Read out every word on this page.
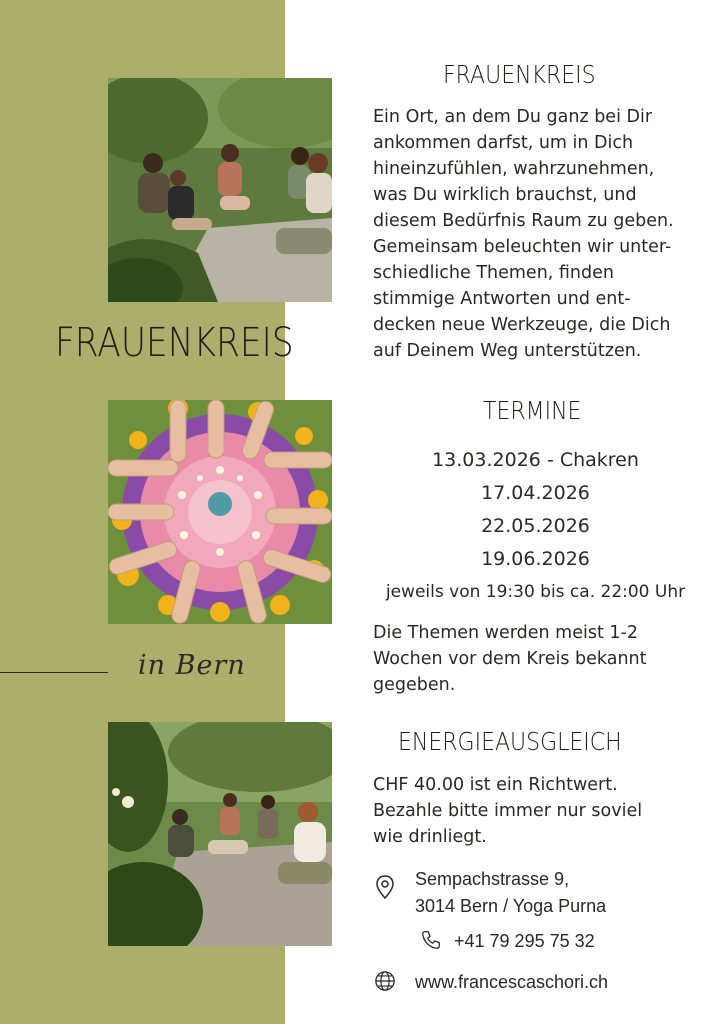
FRAUENKREIS
in Bern
FRAUENKREIS
Ein Ort, an dem Du ganz bei Dir
ankommen darfst, um in Dich
hineinzufühlen, wahrzunehmen,
was Du wirklich brauchst, und
diesem Bedürfnis Raum zu geben.
Gemeinsam beleuchten wir unter-
schiedliche Themen, finden
stimmige Antworten und ent-
decken neue Werkzeuge, die Dich
auf Deinem Weg unterstützen.
TERMINE
13.03.2026 - Chakren
17.04.2026
22.05.2026
19.06.2026
jeweils von 19:30 bis ca. 22:00 Uhr
Die Themen werden meist 1-2
Wochen vor dem Kreis bekannt
gegeben.
ENERGIEAUSGLEICH
CHF 40.00 ist ein Richtwert.
Bezahle bitte immer nur soviel
wie drinliegt.
Sempachstrasse 9,
3014 Bern / Yoga Purna
+41 79 295 75 32
www.francescaschori.ch
